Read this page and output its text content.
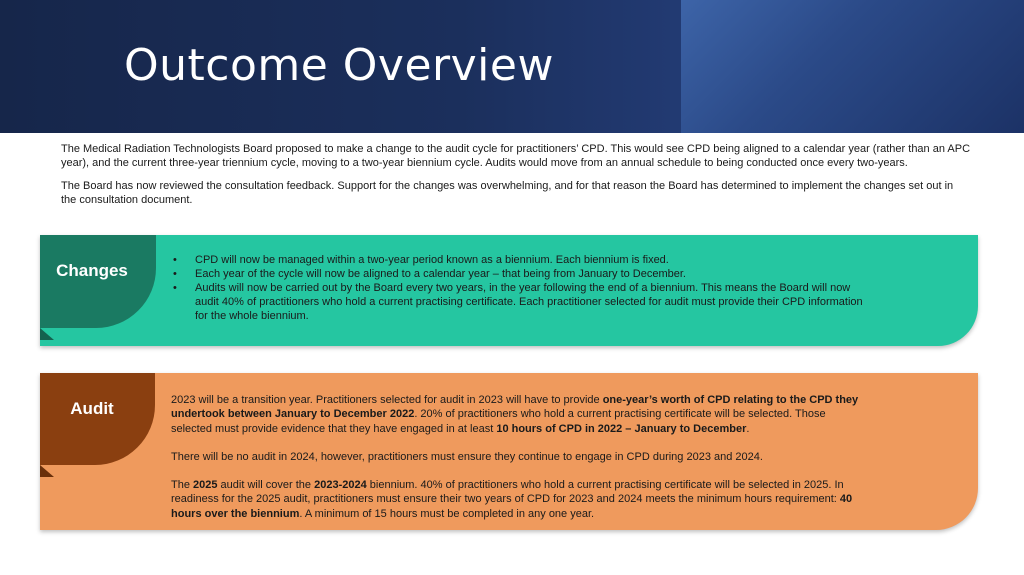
Outcome Overview

The Medical Radiation Technologists Board proposed to make a change to the audit cycle for practitioners’ CPD. This would see CPD being aligned to a calendar year (rather than an APC year), and the current three-year triennium cycle, moving to a two-year biennium cycle. Audits would move from an annual schedule to being conducted once every two-years.

The Board has now reviewed the consultation feedback. Support for the changes was overwhelming, and for that reason the Board has determined to implement the changes set out in the consultation document.

Changes
• CPD will now be managed within a two-year period known as a biennium. Each biennium is fixed.
• Each year of the cycle will now be aligned to a calendar year – that being from January to December.
• Audits will now be carried out by the Board every two years, in the year following the end of a biennium. This means the Board will now audit 40% of practitioners who hold a current practising certificate. Each practitioner selected for audit must provide their CPD information for the whole biennium.
Audit	2023 will be a transition year. Practitioners selected for audit in 2023 will have to provide one-year’s worth of CPD relating to the CPD they undertook between January to December 2022. 20% of practitioners who hold a current practising certificate will be selected. Those selected must provide evidence that they have engaged in at least 10 hours of CPD in 2022 – January to December.

There will be no audit in 2024, however, practitioners must ensure they continue to engage in CPD during 2023 and 2024.

The 2025 audit will cover the 2023-2024 biennium. 40% of practitioners who hold a current practising certificate will be selected in 2025. In readiness for the 2025 audit, practitioners must ensure their two years of CPD for 2023 and 2024 meets the minimum hours requirement: 40 hours over the biennium. A minimum of 15 hours must be completed in any one year.
